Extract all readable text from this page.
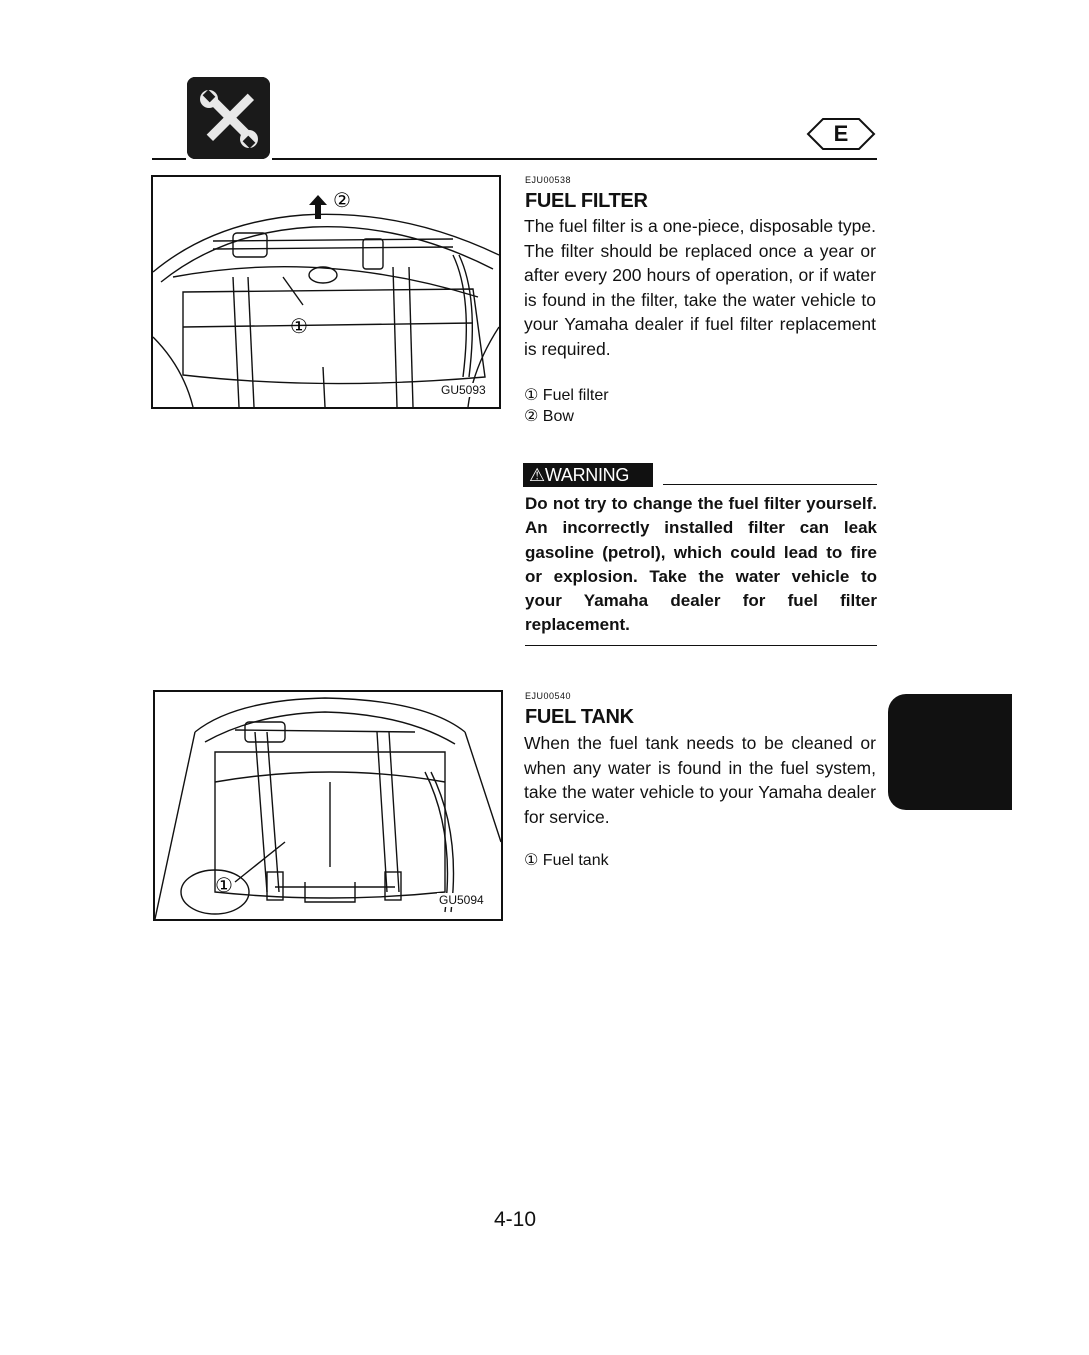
E
②
①
GU5093
①
GU5094
EJU00538
FUEL FILTER
The fuel filter is a one-piece, disposable type. The filter should be replaced once a year or after every 200 hours of operation, or if water is found in the filter, take the water vehicle to your Yamaha dealer if fuel filter replacement is required.
① Fuel filter
② Bow
⚠WARNING
Do not try to change the fuel filter yourself. An incorrectly installed filter can leak gasoline (petrol), which could lead to fire or explosion. Take the water vehicle to your Yamaha dealer for fuel filter replacement.
EJU00540
FUEL TANK
When the fuel tank needs to be cleaned or when any water is found in the fuel system, take the water vehicle to your Yamaha dealer for service.
① Fuel tank
4-10
